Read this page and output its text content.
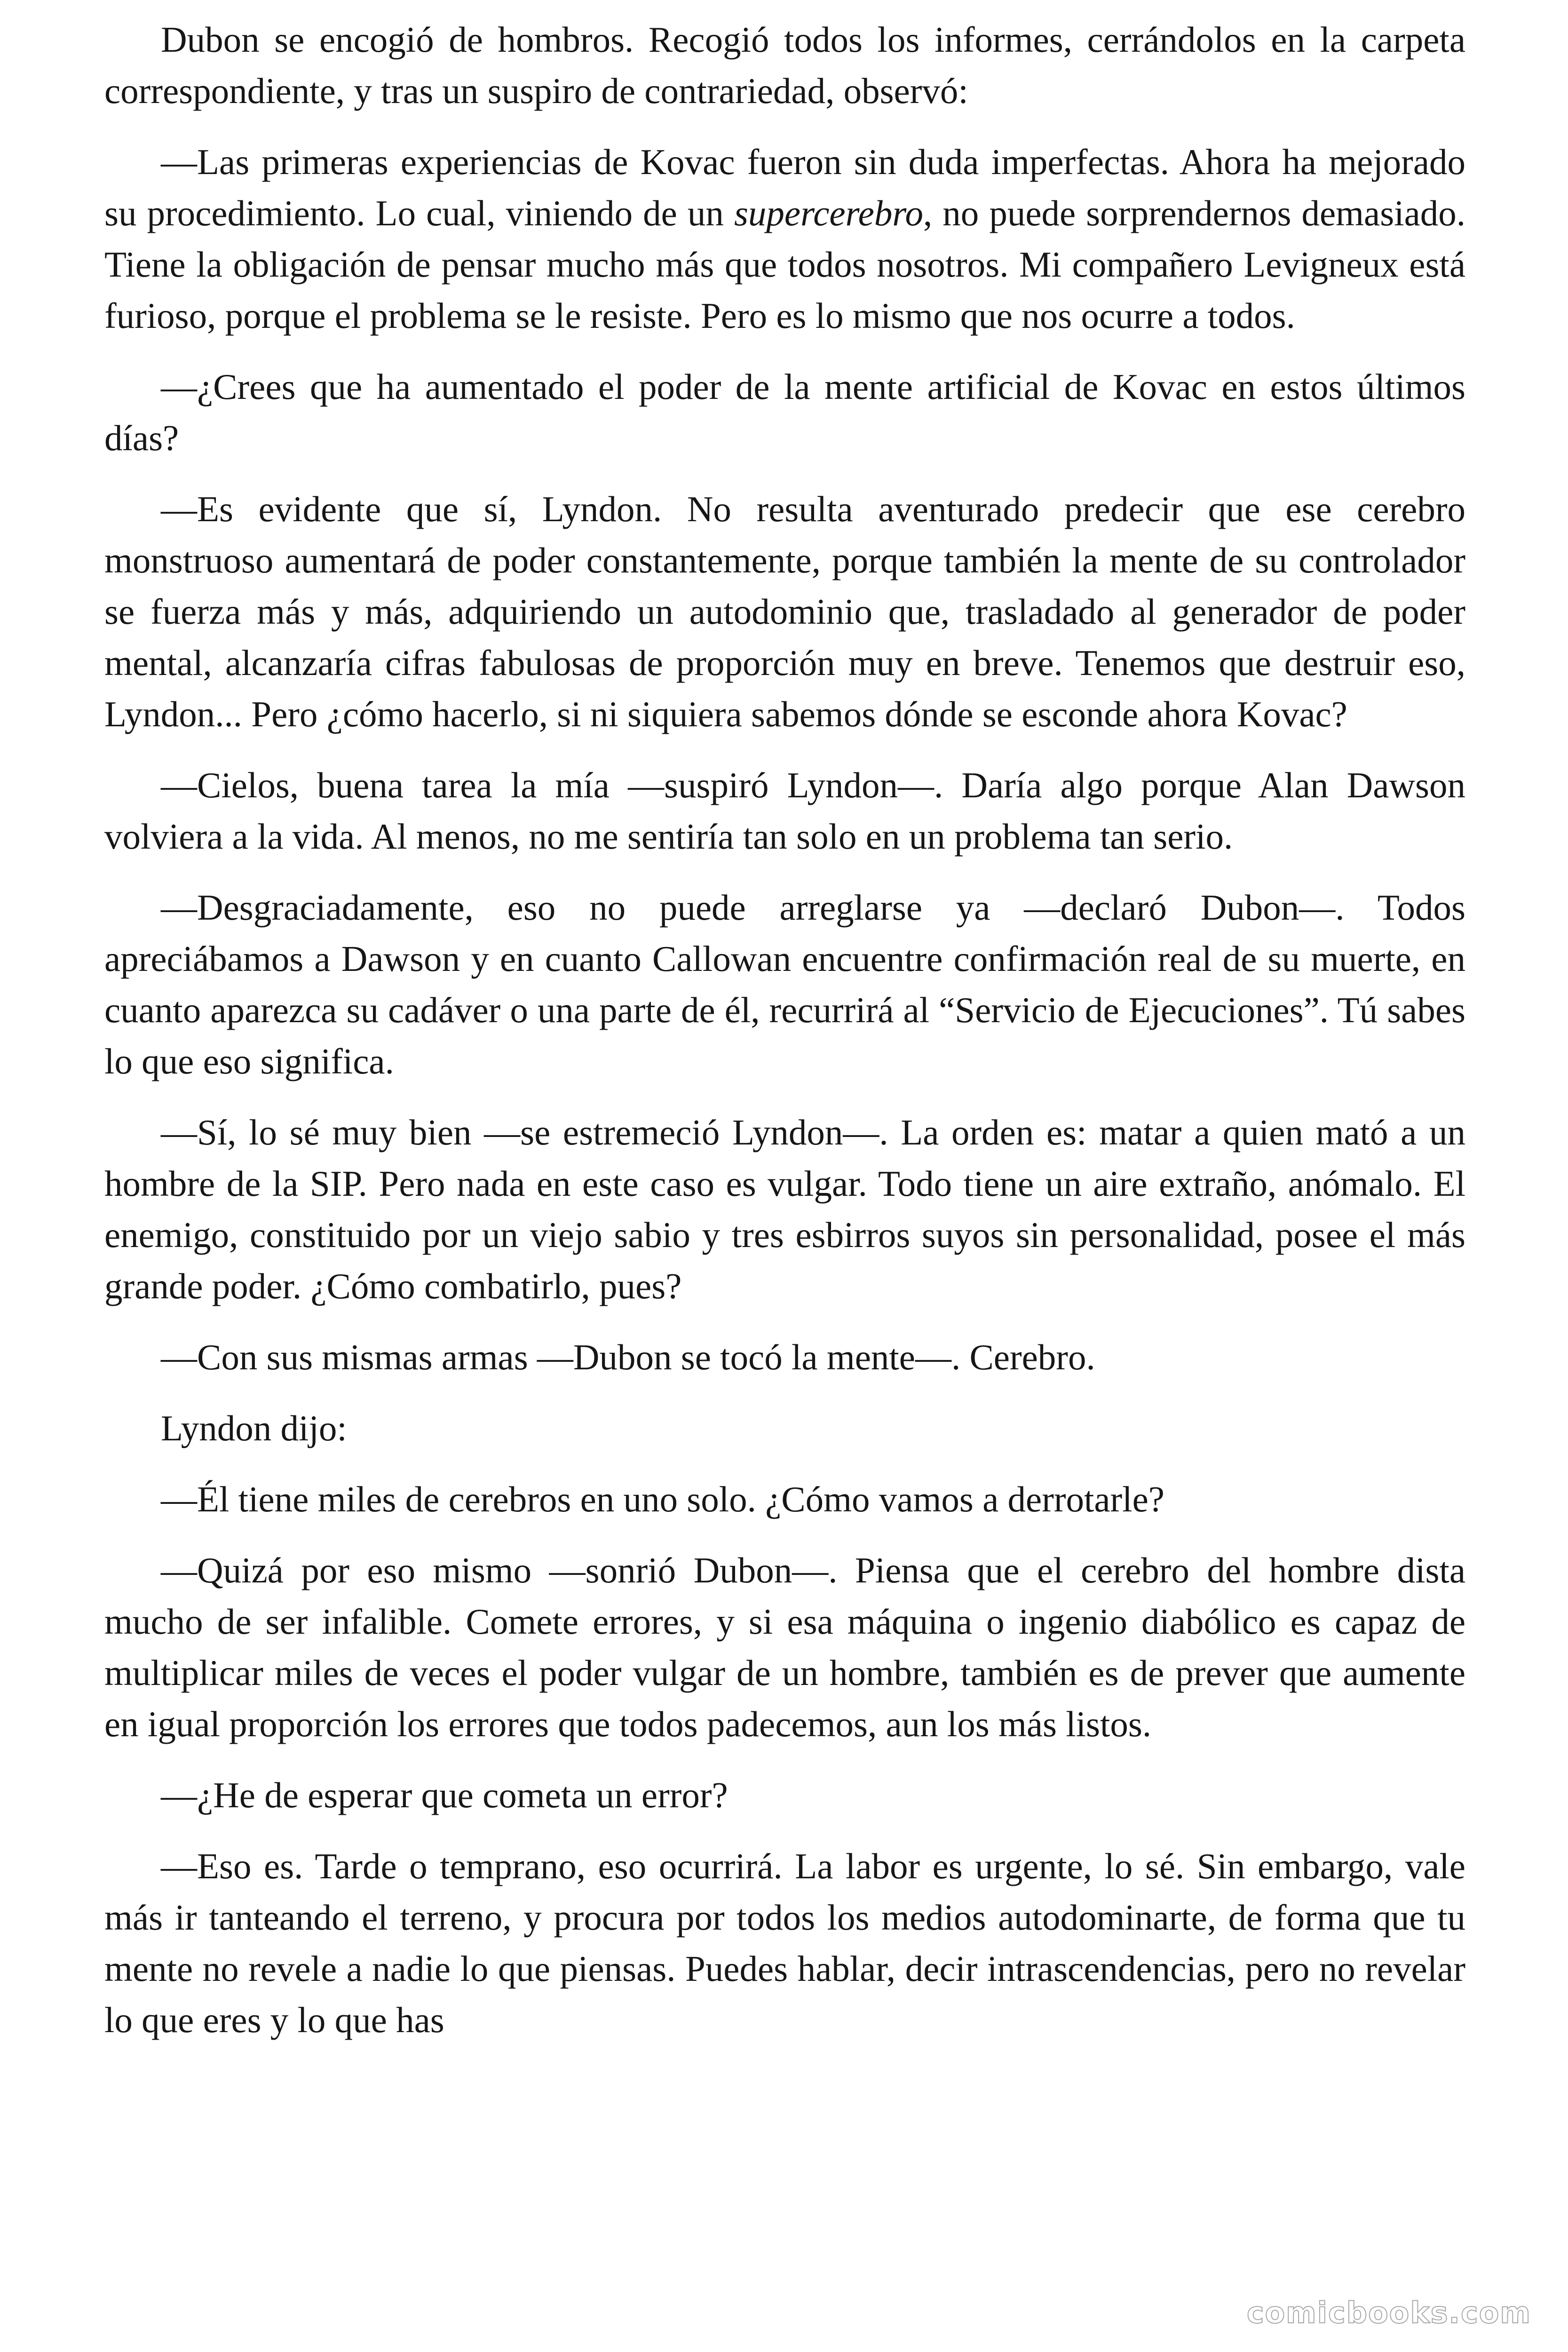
Dubon se encogió de hombros. Recogió todos los informes, cerrándolos en la carpeta correspondiente, y tras un suspiro de contrariedad, observó:

—Las primeras experiencias de Kovac fueron sin duda imperfectas. Ahora ha mejorado su procedimiento. Lo cual, viniendo de un supercerebro, no puede sorprendernos demasiado. Tiene la obligación de pensar mucho más que todos nosotros. Mi compañero Levigneux está furioso, porque el problema se le resiste. Pero es lo mismo que nos ocurre a todos.

—¿Crees que ha aumentado el poder de la mente artificial de Kovac en estos últimos días?

—Es evidente que sí, Lyndon. No resulta aventurado predecir que ese cerebro monstruoso aumentará de poder constantemente, porque también la mente de su controlador se fuerza más y más, adquiriendo un autodominio que, trasladado al generador de poder mental, alcanzaría cifras fabulosas de proporción muy en breve. Tenemos que destruir eso, Lyndon... Pero ¿cómo hacerlo, si ni siquiera sabemos dónde se esconde ahora Kovac?

—Cielos, buena tarea la mía —suspiró Lyndon—. Daría algo porque Alan Dawson volviera a la vida. Al menos, no me sentiría tan solo en un problema tan serio.

—Desgraciadamente, eso no puede arreglarse ya —declaró Dubon—. Todos apreciábamos a Dawson y en cuanto Callowan encuentre confirmación real de su muerte, en cuanto aparezca su cadáver o una parte de él, recurrirá al “Servicio de Ejecuciones”. Tú sabes lo que eso significa.

—Sí, lo sé muy bien —se estremeció Lyndon—. La orden es: matar a quien mató a un hombre de la SIP. Pero nada en este caso es vulgar. Todo tiene un aire extraño, anómalo. El enemigo, constituido por un viejo sabio y tres esbirros suyos sin personalidad, posee el más grande poder. ¿Cómo combatirlo, pues?

—Con sus mismas armas —Dubon se tocó la mente—. Cerebro.

Lyndon dijo:

—Él tiene miles de cerebros en uno solo. ¿Cómo vamos a derrotarle?

—Quizá por eso mismo —sonrió Dubon—. Piensa que el cerebro del hombre dista mucho de ser infalible. Comete errores, y si esa máquina o ingenio diabólico es capaz de multiplicar miles de veces el poder vulgar de un hombre, también es de prever que aumente en igual proporción los errores que todos padecemos, aun los más listos.

—¿He de esperar que cometa un error?

—Eso es. Tarde o temprano, eso ocurrirá. La labor es urgente, lo sé. Sin embargo, vale más ir tanteando el terreno, y procura por todos los medios autodominarte, de forma que tu mente no revele a nadie lo que piensas. Puedes hablar, decir intrascendencias, pero no revelar lo que eres y lo que has

comicbooks.com
